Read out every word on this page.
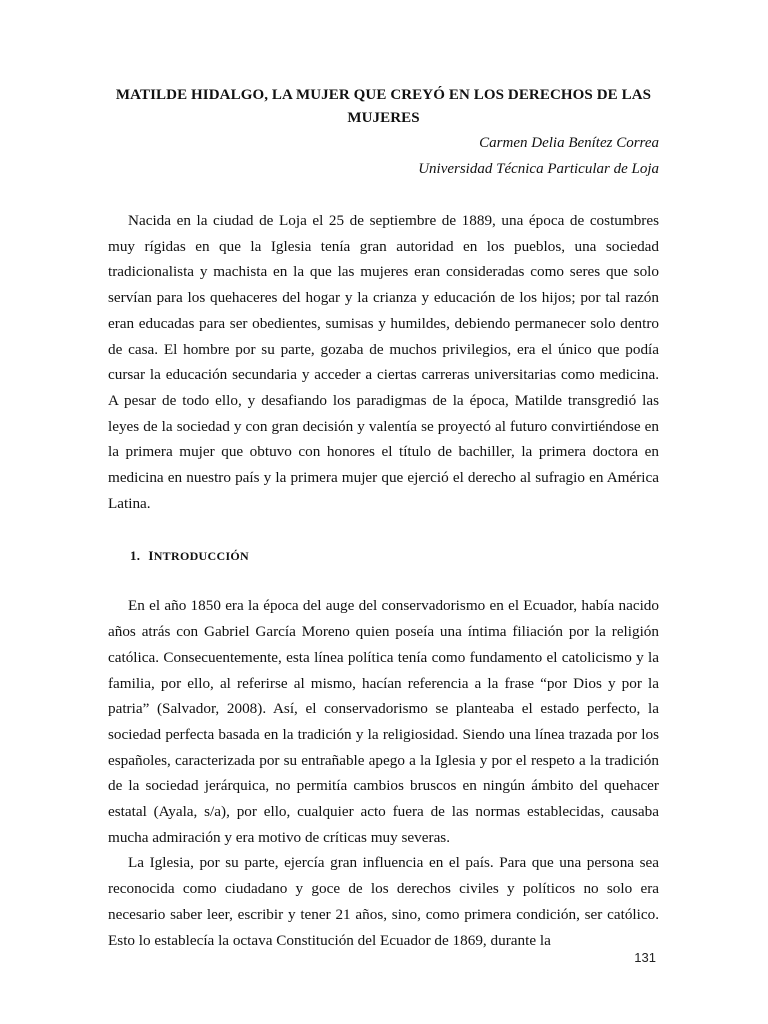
MATILDE HIDALGO, LA MUJER QUE CREYÓ EN LOS DERECHOS DE LAS MUJERES

Carmen Delia Benítez Correa

Universidad Técnica Particular de Loja

Nacida en la ciudad de Loja el 25 de septiembre de 1889, una época de costumbres muy rígidas en que la Iglesia tenía gran autoridad en los pueblos, una sociedad tradicionalista y machista en la que las mujeres eran consideradas como seres que solo servían para los quehaceres del hogar y la crianza y educación de los hijos; por tal razón eran educadas para ser obedientes, sumisas y humildes, debiendo permanecer solo dentro de casa. El hombre por su parte, gozaba de muchos privilegios, era el único que podía cursar la educación secundaria y acceder a ciertas carreras universitarias como medicina. A pesar de todo ello, y desafiando los paradigmas de la época, Matilde transgredió las leyes de la sociedad y con gran decisión y valentía se proyectó al futuro convirtiéndose en la primera mujer que obtuvo con honores el título de bachiller, la primera doctora en medicina en nuestro país y la primera mujer que ejerció el derecho al sufragio en América Latina.

1. INTRODUCCIÓN

En el año 1850 era la época del auge del conservadorismo en el Ecuador, había nacido años atrás con Gabriel García Moreno quien poseía una íntima filiación por la religión católica. Consecuentemente, esta línea política tenía como fundamento el catolicismo y la familia, por ello, al referirse al mismo, hacían referencia a la frase “por Dios y por la patria” (Salvador, 2008). Así, el conservadorismo se planteaba el estado perfecto, la sociedad perfecta basada en la tradición y la religiosidad. Siendo una línea trazada por los españoles, caracterizada por su entrañable apego a la Iglesia y por el respeto a la tradición de la sociedad jerárquica, no permitía cambios bruscos en ningún ámbito del quehacer estatal (Ayala, s/a), por ello, cualquier acto fuera de las normas establecidas, causaba mucha admiración y era motivo de críticas muy severas.

La Iglesia, por su parte, ejercía gran influencia en el país. Para que una persona sea reconocida como ciudadano y goce de los derechos civiles y políticos no solo era necesario saber leer, escribir y tener 21 años, sino, como primera condición, ser católico. Esto lo establecía la octava Constitución del Ecuador de 1869, durante la

131
